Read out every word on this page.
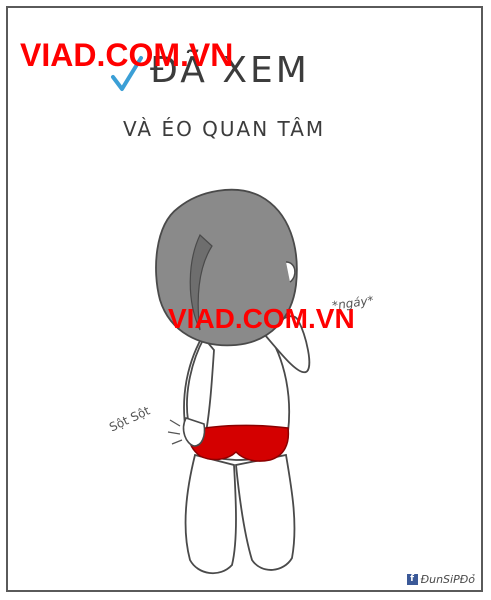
ĐÃ XEM
VÀ ÉO QUAN TÂM
VIAD.COM.VN
VIAD.COM.VN
Sột Sột
*ngáy*
f ĐunSiPĐỏ
